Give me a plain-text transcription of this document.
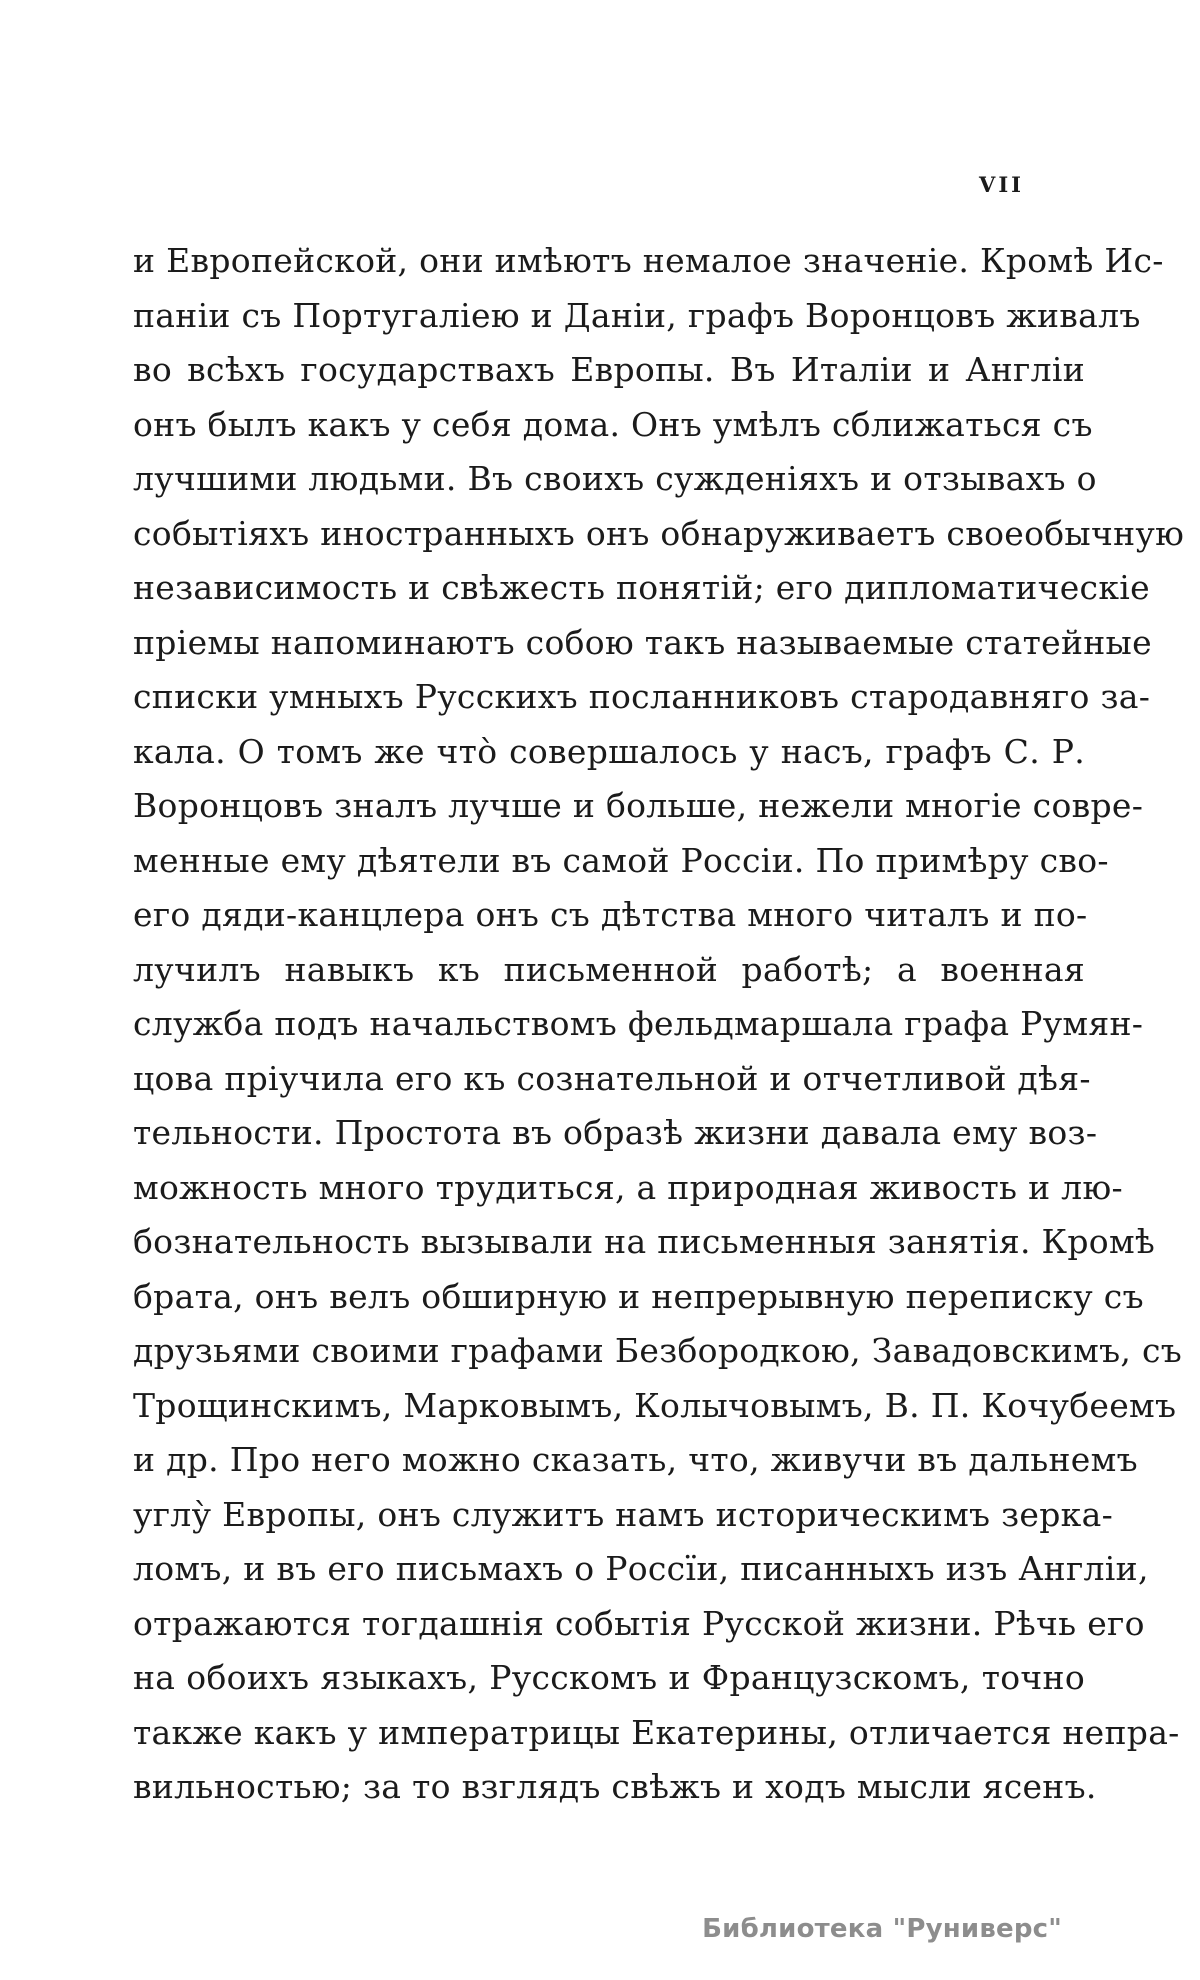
VII
и Европейской, они имѣютъ немалое значеніе. Кромѣ Ис-
паніи съ Португаліею и Даніи, графъ Воронцовъ живалъ
во всѣхъ государствахъ Европы. Въ Италіи и Англіи
онъ былъ какъ у себя дома. Онъ умѣлъ сближаться съ
лучшими людьми. Въ своихъ сужденіяхъ и отзывахъ о
событіяхъ иностранныхъ онъ обнаруживаетъ своеобычную
независимость и свѣжесть понятій; его дипломатическіе
пріемы напоминаютъ собою такъ называемые статейные
списки умныхъ Русскихъ посланниковъ стародавняго за-
кала. О томъ же что̀ совершалось у насъ, графъ С. Р.
Воронцовъ зналъ лучше и больше, нежели многіе совре-
менные ему дѣятели въ самой Россіи. По примѣру сво-
его дяди-канцлера онъ съ дѣтства много читалъ и по-
лучилъ навыкъ къ письменной работѣ; а военная
служба подъ начальствомъ фельдмаршала графа Румян-
цова пріучила его къ сознательной и отчетливой дѣя-
тельности. Простота въ образѣ жизни давала ему воз-
можность много трудиться, а природная живость и лю-
бознательность вызывали на письменныя занятія. Кромѣ
брата, онъ велъ обширную и непрерывную переписку съ
друзьями своими графами Безбородкою, Завадовскимъ, съ
Трощинскимъ, Марковымъ, Колычовымъ, В. П. Кочубеемъ
и др. Про него можно сказать, что, живучи въ дальнемъ
углу̀ Европы, онъ служитъ намъ историческимъ зерка-
ломъ, и въ его письмахъ о Россїи, писанныхъ изъ Англіи,
отражаются тогдашнія событія Русской жизни. Рѣчь его
на обоихъ языкахъ, Русскомъ и Французскомъ, точно
также какъ у императрицы Екатерины, отличается непра-
вильностью; за то взглядъ свѣжъ и ходъ мысли ясенъ.
Библиотека "Руниверс"
